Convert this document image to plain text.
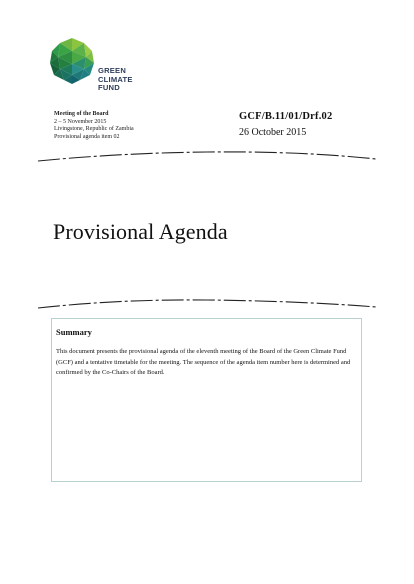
GREEN
CLIMATE
FUND
Meeting of the Board
2 – 5 November 2015
Livingstone, Republic of Zambia
Provisional agenda item 02
GCF/B.11/01/Drf.02
26 October 2015
Provisional Agenda
Summary
This document presents the provisional agenda of the eleventh meeting of the Board of the Green Climate Fund (GCF) and a tentative timetable for the meeting. The sequence of the agenda item number here is determined and confirmed by the Co-Chairs of the Board.
